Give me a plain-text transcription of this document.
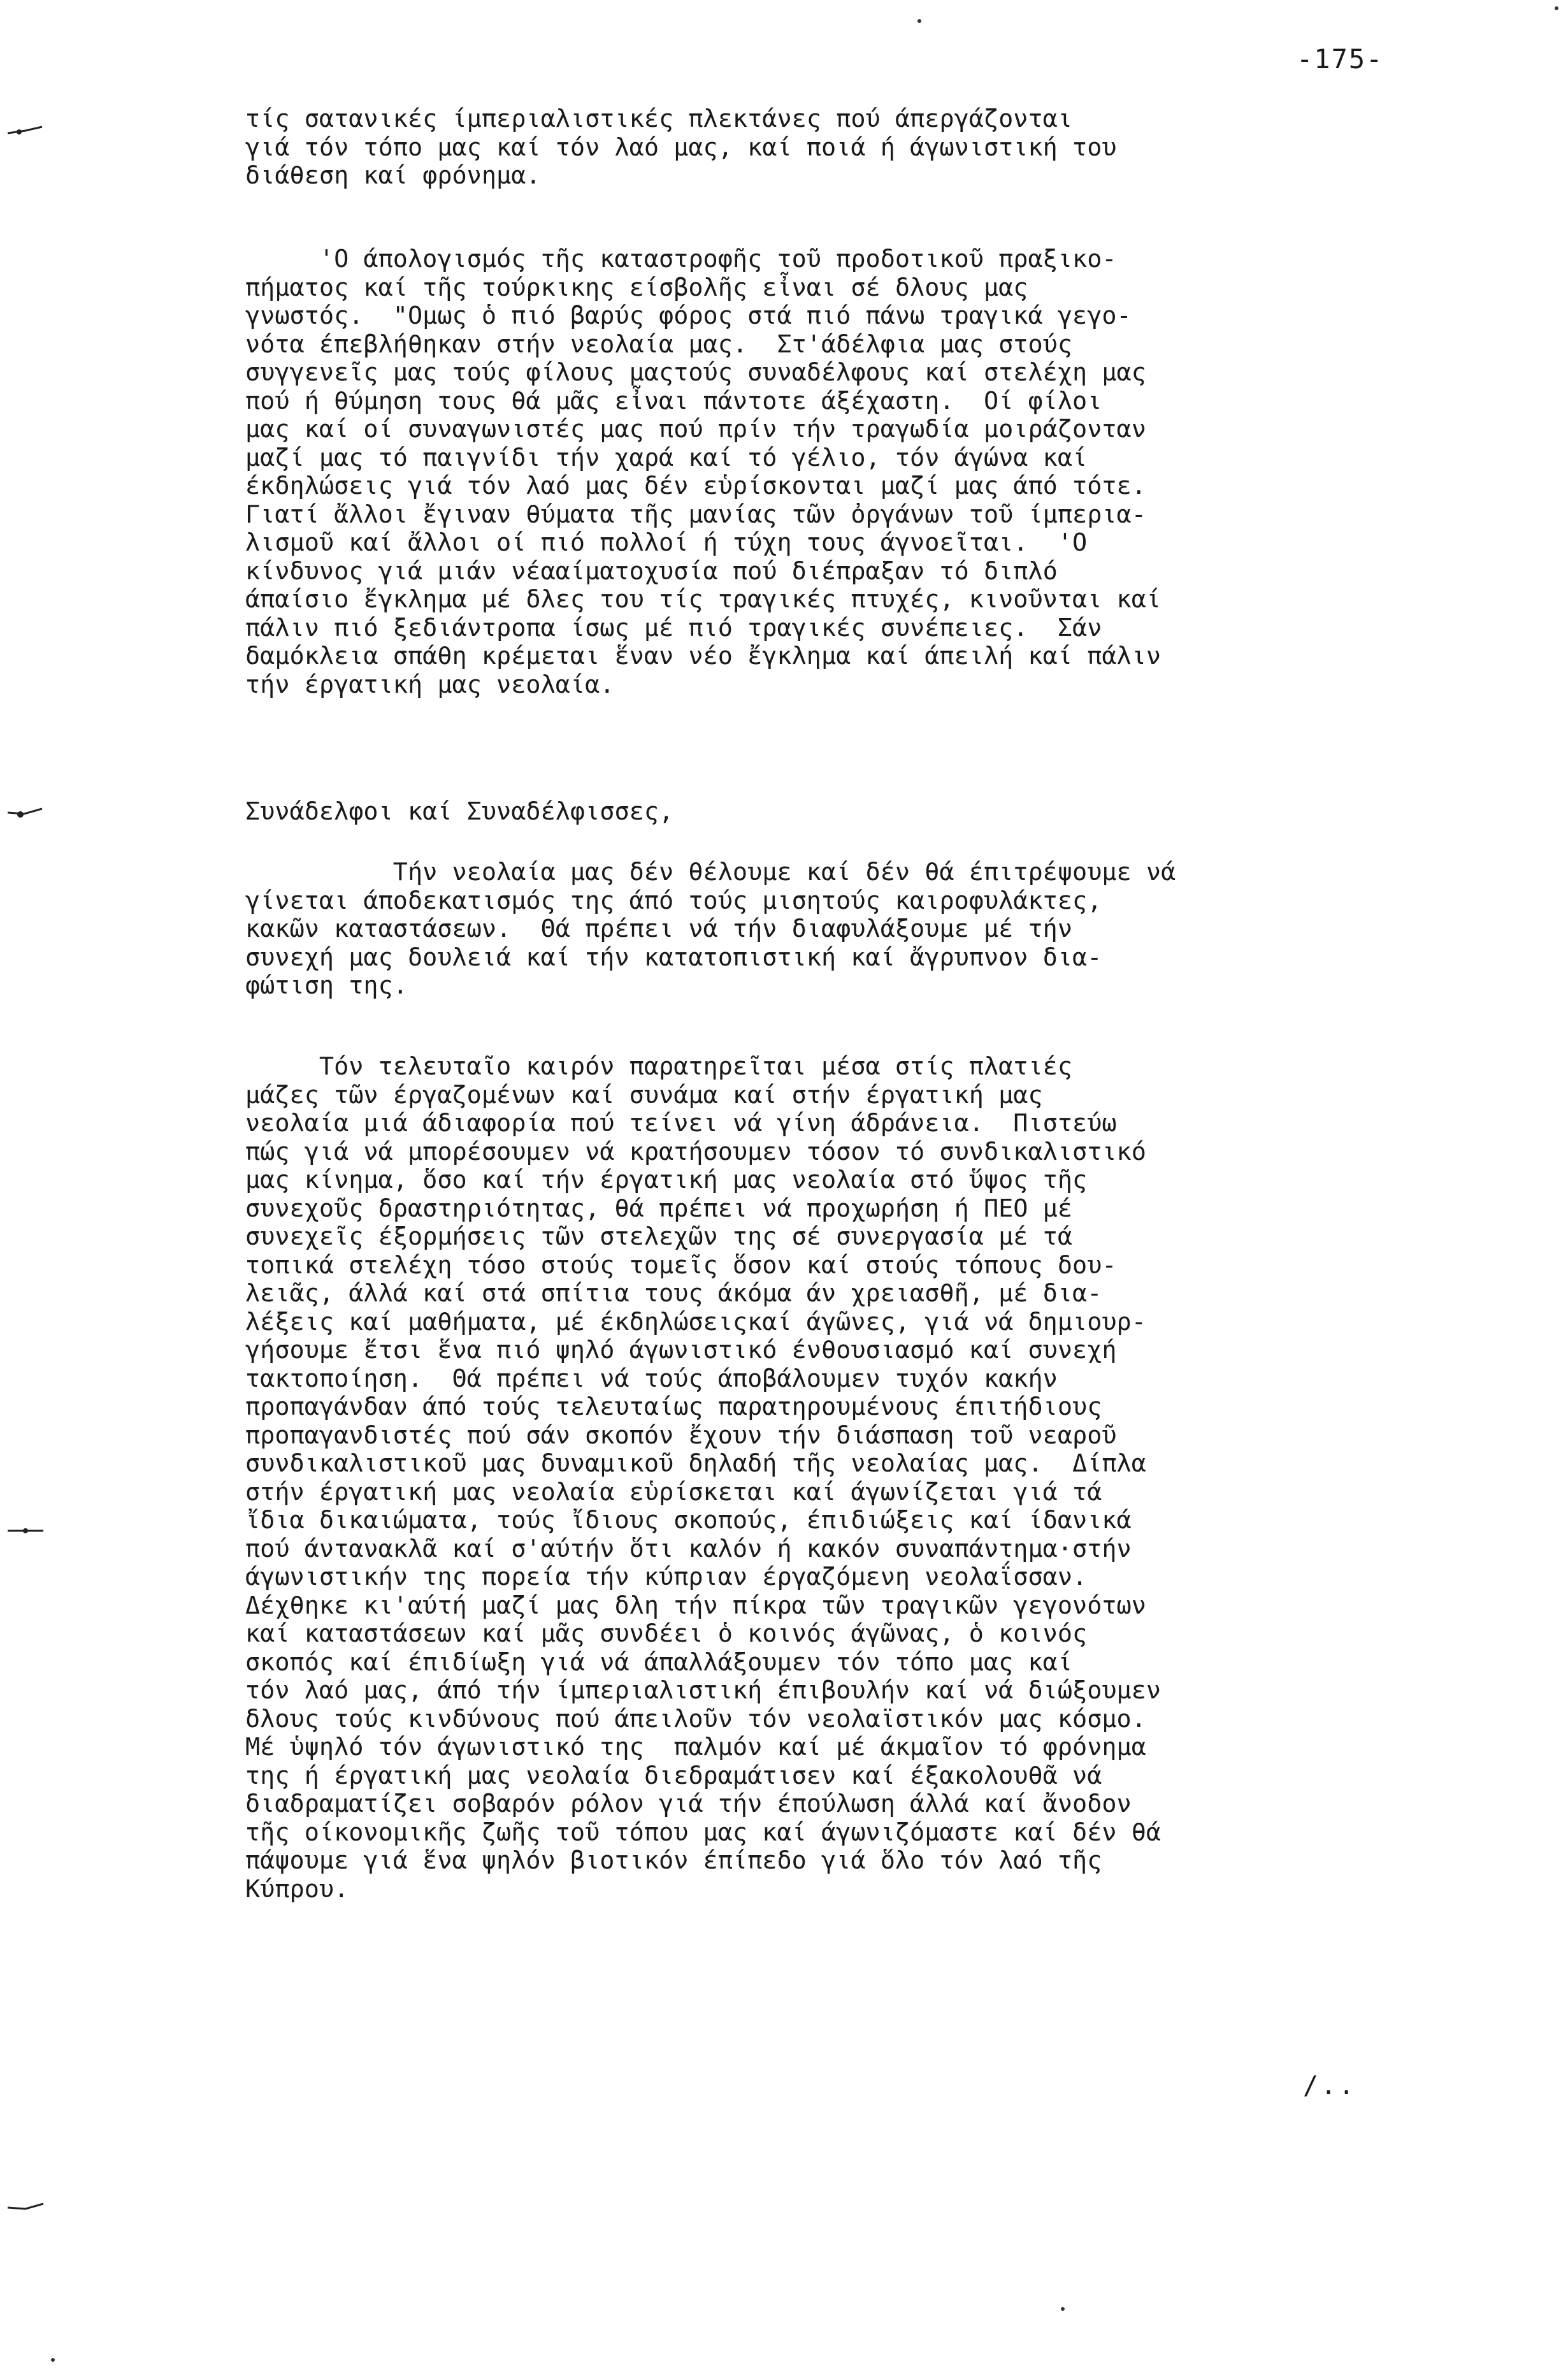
-175-
τίς σατανικές ίμπεριαλιστικές πλεκτάνες πού άπεργάζονται
γιά τόν τόπο μας καί τόν λαό μας, καί ποιά ή άγωνιστική του
διάθεση καί φρόνημα.
'Ο άπολογισμός τῆς καταστροφῆς τοῦ προδοτικοῦ πραξικο-
πήματος καί τῆς τούρκικης είσβολῆς εἶναι σέ δλους μας
γνωστός.  "Ομως ὁ πιό βαρύς φόρος στά πιό πάνω τραγικά γεγο-
νότα έπεβλήθηκαν στήν νεολαία μας.  Στ'άδέλφια μας στούς
συγγενεῖς μας τούς φίλους μαςτούς συναδέλφους καί στελέχη μας
πού ή θύμηση τους θά μᾶς εἶναι πάντοτε άξέχαστη.  Οί φίλοι
μας καί οί συναγωνιστές μας πού πρίν τήν τραγωδία μοιράζονταν
μαζί μας τό παιγνίδι τήν χαρά καί τό γέλιο, τόν άγώνα καί
έκδηλώσεις γιά τόν λαό μας δέν εὑρίσκονται μαζί μας άπό τότε.
Γιατί ἄλλοι ἔγιναν θύματα τῆς μανίας τῶν ὀργάνων τοῦ ίμπερια-
λισμοῦ καί ἄλλοι οί πιό πολλοί ή τύχη τους άγνοεῖται.  'Ο
κίνδυνος γιά μιάν νέααίματοχυσία πού διέπραξαν τό διπλό
άπαίσιο ἔγκλημα μέ δλες του τίς τραγικές πτυχές, κινοῦνται καί
πάλιν πιό ξεδιάντροπα ίσως μέ πιό τραγικές συνέπειες.  Σάν
δαμόκλεια σπάθη κρέμεται ἕναν νέο ἔγκλημα καί άπειλή καί πάλιν
τήν έργατική μας νεολαία.
Συνάδελφοι καί Συναδέλφισσες,
Τήν νεολαία μας δέν θέλουμε καί δέν θά έπιτρέψουμε νά
γίνεται άποδεκατισμός της άπό τούς μισητούς καιροφυλάκτες,
κακῶν καταστάσεων.  Θά πρέπει νά τήν διαφυλάξουμε μέ τήν
συνεχή μας δουλειά καί τήν κατατοπιστική καί ἄγρυπνον δια-
φώτιση της.
Τόν τελευταῖο καιρόν παρατηρεῖται μέσα στίς πλατιές
μάζες τῶν έργαζομένων καί συνάμα καί στήν έργατική μας
νεολαία μιά άδιαφορία πού τείνει νά γίνη άδράνεια.  Πιστεύω
πώς γιά νά μπορέσουμεν νά κρατήσουμεν τόσον τό συνδικαλιστικό
μας κίνημα, ὅσο καί τήν έργατική μας νεολαία στό ὕψος τῆς
συνεχοῦς δραστηριότητας, θά πρέπει νά προχωρήση ή ΠΕΟ μέ
συνεχεῖς έξορμήσεις τῶν στελεχῶν της σέ συνεργασία μέ τά
τοπικά στελέχη τόσο στούς τομεῖς ὅσον καί στούς τόπους δου-
λειᾶς, άλλά καί στά σπίτια τους άκόμα άν χρειασθῆ, μέ δια-
λέξεις καί μαθήματα, μέ έκδηλώσειςκαί άγῶνες, γιά νά δημιουρ-
γήσουμε ἔτσι ἕνα πιό ψηλό άγωνιστικό ένθουσιασμό καί συνεχή
τακτοποίηση.  Θά πρέπει νά τούς άποβάλουμεν τυχόν κακήν
προπαγάνδαν άπό τούς τελευταίως παρατηρουμένους έπιτήδιους
προπαγανδιστές πού σάν σκοπόν ἔχουν τήν διάσπαση τοῦ νεαροῦ
συνδικαλιστικοῦ μας δυναμικοῦ δηλαδή τῆς νεολαίας μας.  Δίπλα
στήν έργατική μας νεολαία εὑρίσκεται καί άγωνίζεται γιά τά
ἴδια δικαιώματα, τούς ἴδιους σκοπούς, έπιδιώξεις καί ίδανικά
πού άντανακλᾶ καί σ'αύτήν ὅτι καλόν ή κακόν συναπάντημα·στήν
άγωνιστικήν της πορεία τήν κύπριαν έργαζόμενη νεολαΐσσαν.
Δέχθηκε κι'αύτή μαζί μας δλη τήν πίκρα τῶν τραγικῶν γεγονότων
καί καταστάσεων καί μᾶς συνδέει ὁ κοινός άγῶνας, ὁ κοινός
σκοπός καί έπιδίωξη γιά νά άπαλλάξουμεν τόν τόπο μας καί
τόν λαό μας, άπό τήν ίμπεριαλιστική έπιβουλήν καί νά διώξουμεν
δλους τούς κινδύνους πού άπειλοῦν τόν νεολαϊστικόν μας κόσμο.
Μέ ὑψηλό τόν άγωνιστικό της  παλμόν καί μέ άκμαῖον τό φρόνημα
της ή έργατική μας νεολαία διεδραμάτισεν καί έξακολουθᾶ νά
διαδραματίζει σοβαρόν ρόλον γιά τήν έπούλωση άλλά καί ἄνοδον
τῆς οίκονομικῆς ζωῆς τοῦ τόπου μας καί άγωνιζόμαστε καί δέν θά
πάψουμε γιά ἕνα ψηλόν βιοτικόν έπίπεδο γιά ὅλο τόν λαό τῆς
Κύπρου.
/..
